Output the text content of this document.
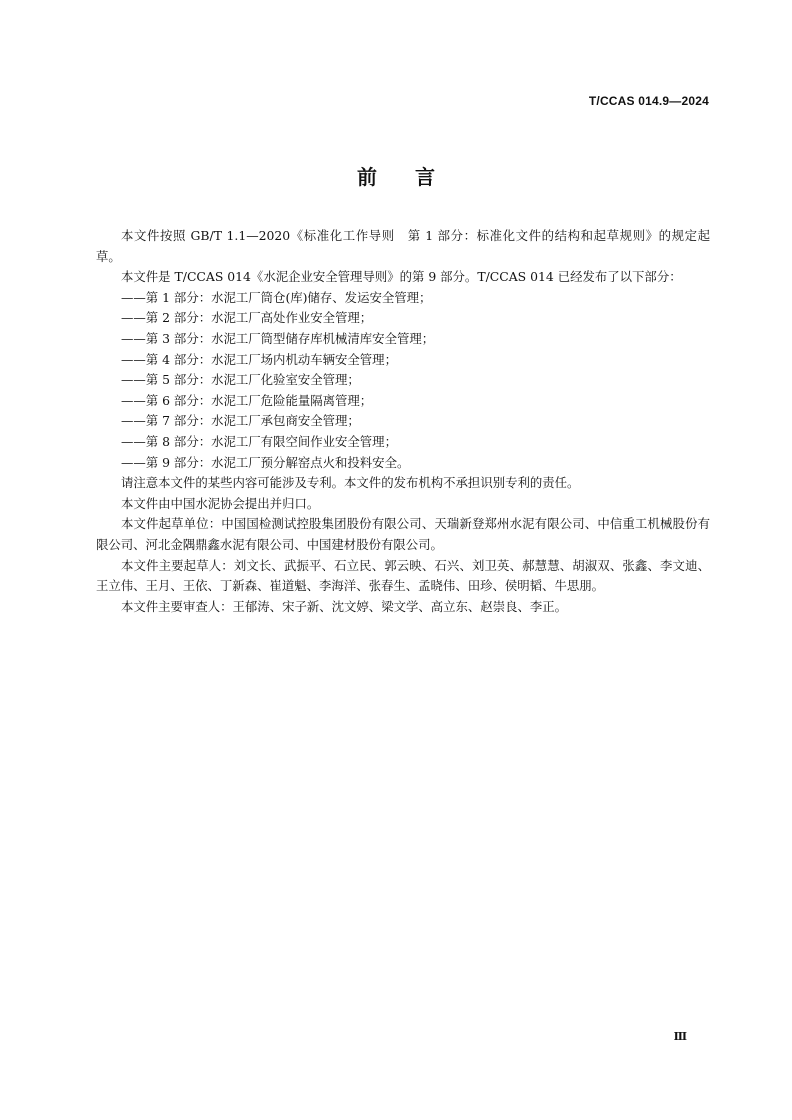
T/CCAS 014.9—2024
前言

本文件按照 GB/T 1.1—2020《标准化工作导则　第 1 部分：标准化文件的结构和起草规则》的规定起草。

本文件是 T/CCAS 014《水泥企业安全管理导则》的第 9 部分。T/CCAS 014 已经发布了以下部分：

——第 1 部分：水泥工厂筒仓(库)储存、发运安全管理；

——第 2 部分：水泥工厂高处作业安全管理；

——第 3 部分：水泥工厂筒型储存库机械清库安全管理；

——第 4 部分：水泥工厂场内机动车辆安全管理；

——第 5 部分：水泥工厂化验室安全管理；

——第 6 部分：水泥工厂危险能量隔离管理；

——第 7 部分：水泥工厂承包商安全管理；

——第 8 部分：水泥工厂有限空间作业安全管理；

——第 9 部分：水泥工厂预分解窑点火和投料安全。

请注意本文件的某些内容可能涉及专利。本文件的发布机构不承担识别专利的责任。

本文件由中国水泥协会提出并归口。

本文件起草单位：中国国检测试控股集团股份有限公司、天瑞新登郑州水泥有限公司、中信重工机械股份有限公司、河北金隅鼎鑫水泥有限公司、中国建材股份有限公司。

本文件主要起草人：刘文长、武振平、石立民、郭云映、石兴、刘卫英、郝慧慧、胡淑双、张鑫、李文迪、王立伟、王月、王依、丁新森、崔道魁、李海洋、张春生、孟晓伟、田珍、侯明韬、牛思朋。

本文件主要审查人：王郁涛、宋子新、沈文婷、梁文学、高立东、赵崇良、李正。

Ⅲ
